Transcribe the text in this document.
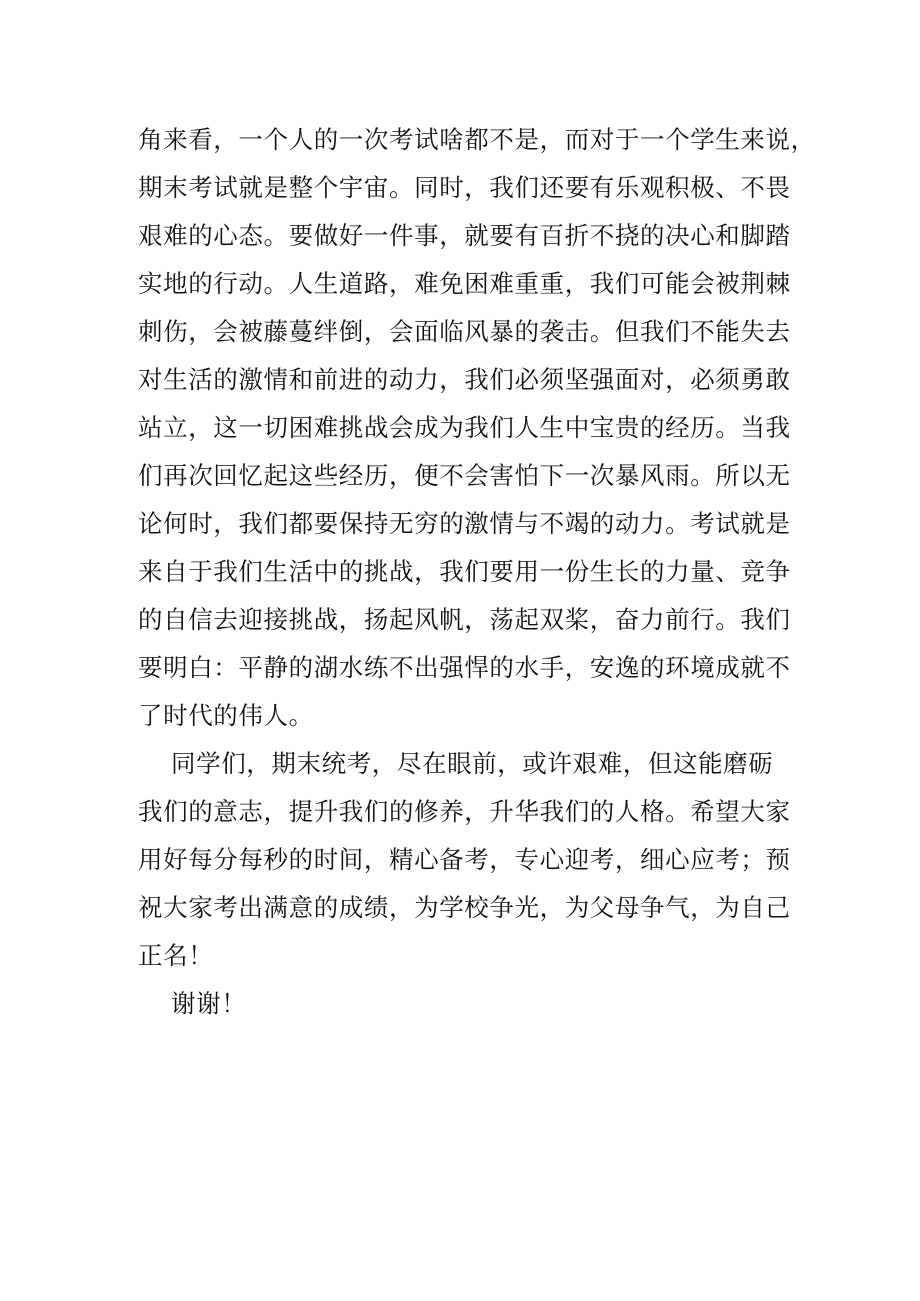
角来看，一个人的一次考试啥都不是，而对于一个学生来说，
期末考试就是整个宇宙。同时，我们还要有乐观积极、不畏
艰难的心态。要做好一件事，就要有百折不挠的决心和脚踏
实地的行动。人生道路，难免困难重重，我们可能会被荆棘
刺伤，会被藤蔓绊倒，会面临风暴的袭击。但我们不能失去
对生活的激情和前进的动力，我们必须坚强面对，必须勇敢
站立，这一切困难挑战会成为我们人生中宝贵的经历。当我
们再次回忆起这些经历，便不会害怕下一次暴风雨。所以无
论何时，我们都要保持无穷的激情与不竭的动力。考试就是
来自于我们生活中的挑战，我们要用一份生长的力量、竞争
的自信去迎接挑战，扬起风帆，荡起双桨，奋力前行。我们
要明白：平静的湖水练不出强悍的水手，安逸的环境成就不
了时代的伟人。
同学们，期末统考，尽在眼前，或许艰难，但这能磨砺
我们的意志，提升我们的修养，升华我们的人格。希望大家
用好每分每秒的时间，精心备考，专心迎考，细心应考；预
祝大家考出满意的成绩，为学校争光，为父母争气，为自己
正名！
谢谢！
